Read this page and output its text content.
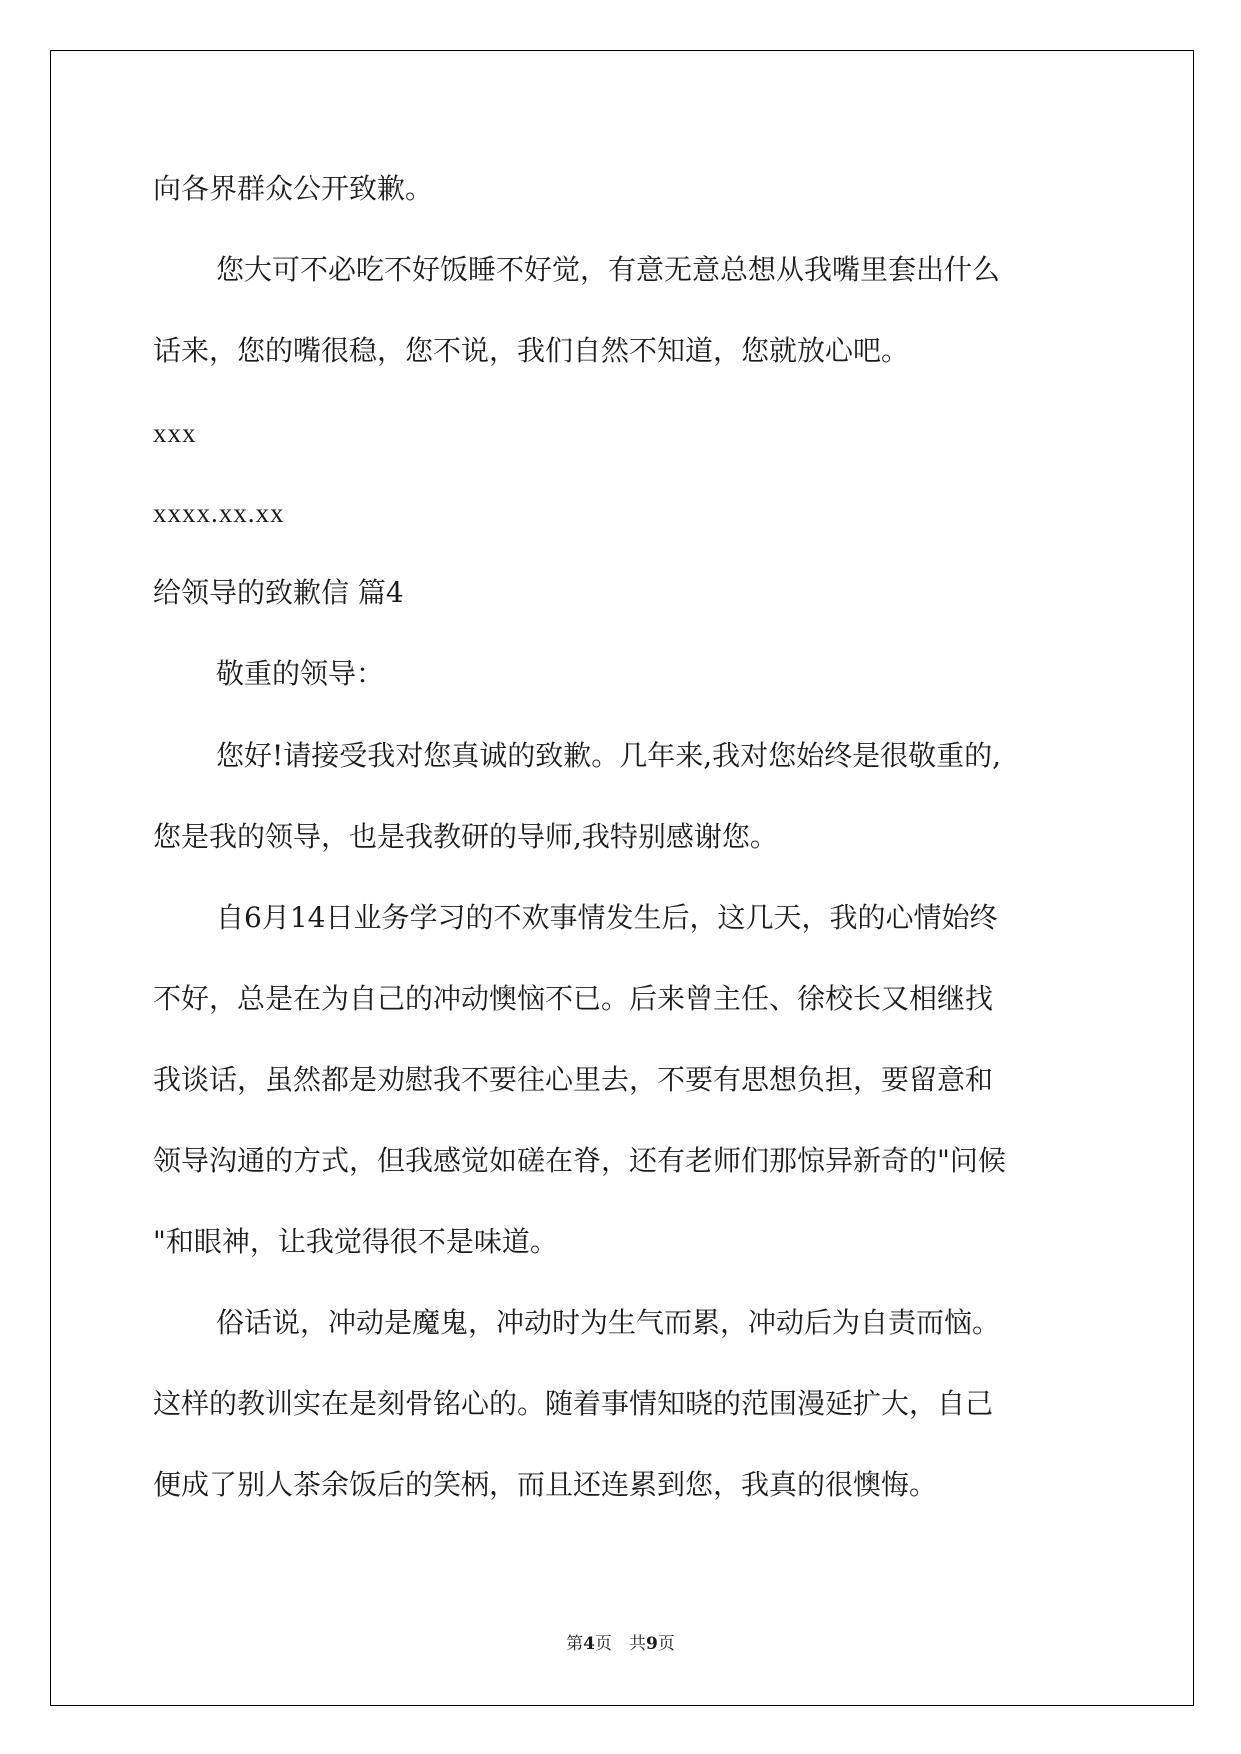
向各界群众公开致歉。

您大可不必吃不好饭睡不好觉，有意无意总想从我嘴里套出什么

话来，您的嘴很稳，您不说，我们自然不知道，您就放心吧。

xxx

xxxx.xx.xx

给领导的致歉信 篇4

敬重的领导：

您好!请接受我对您真诚的致歉。几年来,我对您始终是很敬重的,

您是我的领导，也是我教研的导师,我特别感谢您。

自6月14日业务学习的不欢事情发生后，这几天，我的心情始终

不好，总是在为自己的冲动懊恼不已。后来曾主任、徐校长又相继找

我谈话，虽然都是劝慰我不要往心里去，不要有思想负担，要留意和

领导沟通的方式，但我感觉如磋在脊，还有老师们那惊异新奇的"问候

"和眼神，让我觉得很不是味道。

俗话说，冲动是魔鬼，冲动时为生气而累，冲动后为自责而恼。

这样的教训实在是刻骨铭心的。随着事情知晓的范围漫延扩大，自己

便成了别人茶余饭后的笑柄，而且还连累到您，我真的很懊悔。

第4页　共9页
